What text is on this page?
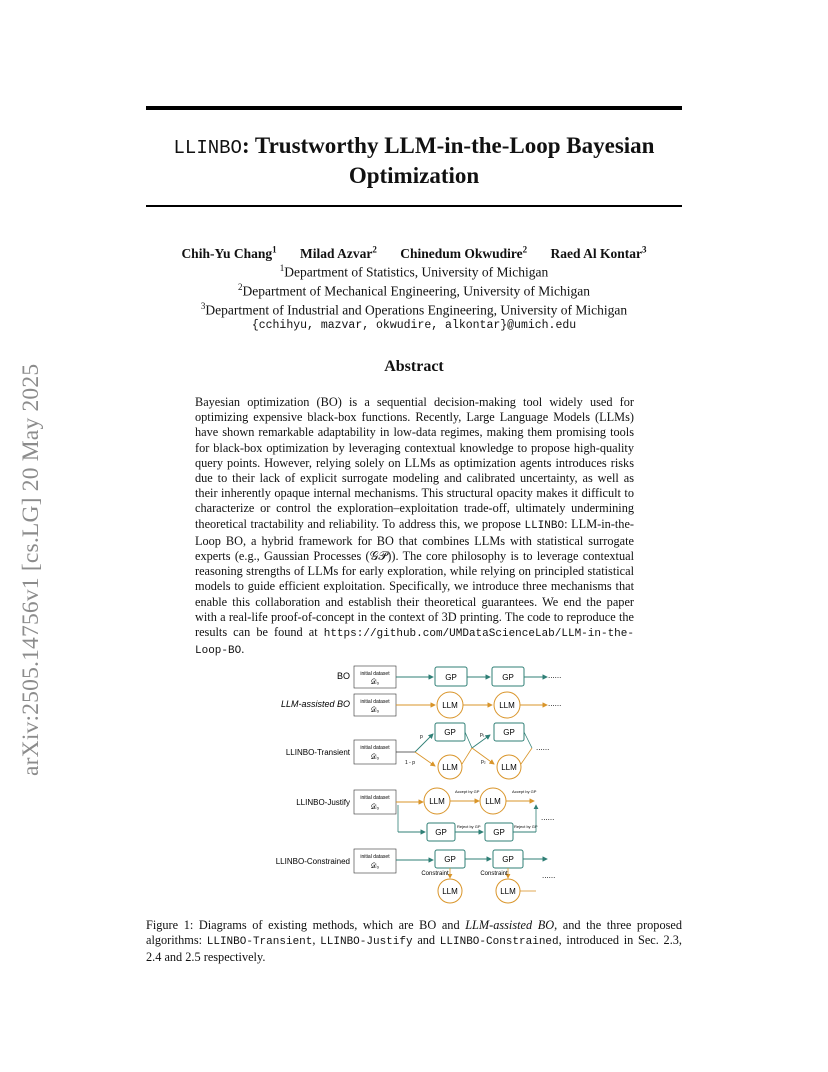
arXiv:2505.14756v1 [cs.LG] 20 May 2025
LLINBO: Trustworthy LLM-in-the-Loop Bayesian
Optimization
Chih-Yu Chang$^1$ Milad Azvar$^2$ Chinedum Okwudire$^2$ Raed Al Kontar$^3$
$^1$Department of Statistics, University of Michigan
$^2$Department of Mechanical Engineering, University of Michigan
$^3$Department of Industrial and Operations Engineering, University of Michigan
{cchihyu, mazvar, okwudire, alkontar}@umich.edu
Abstract
Bayesian optimization (BO) is a sequential decision-making tool widely used for optimizing expensive black-box functions. Recently, Large Language Models (LLMs) have shown remarkable adaptability in low-data regimes, making them promising tools for black-box optimization by leveraging contextual knowledge to propose high-quality query points. However, relying solely on LLMs as optimization agents introduces risks due to their lack of explicit surrogate modeling and calibrated uncertainty, as well as their inherently opaque internal mechanisms. This structural opacity makes it difficult to characterize or control the exploration–exploitation trade-off, ultimately undermining theoretical tractability and reliability. To address this, we propose LLINBO: LLM-in-the-Loop BO, a hybrid framework for BO that combines LLMs with statistical surrogate experts (e.g., Gaussian Processes (𝒢𝒫)). The core philosophy is to leverage contextual reasoning strengths of LLMs for early exploration, while relying on principled statistical models to guide efficient exploitation. Specifically, we introduce three mechanisms that enable this collaboration and establish their theoretical guarantees. We end the paper with a real-life proof-of-concept in the context of 3D printing. The code to reproduce the results can be found at https://github.com/UMDataScienceLab/LLM-in-the-Loop-BO.
BO initial dataset
𝒟₀
GP	GP	......
LLM-assisted BO initial dataset
𝒟₀
LLM	LLM	......
LLINBO-Transient initial dataset
𝒟₀
p
1 - p
GP
LLM
p₁
p₂
GP
LLM
......
LLINBO-Justify initial dataset
𝒟₀
LLM
Accept by GP
GP
Reject by GP
LLM
Accept by GP
GP
Reject by GP
......
LLINBO-Constrained initial dataset
𝒟₀
GP
Constraint
LLM
GP
Constraint
LLM
......
Figure 1: Diagrams of existing methods, which are BO and LLM-assisted BO, and the three proposed algorithms: LLINBO-Transient, LLINBO-Justify and LLINBO-Constrained, introduced in Sec. 2.3, 2.4 and 2.5 respectively.
